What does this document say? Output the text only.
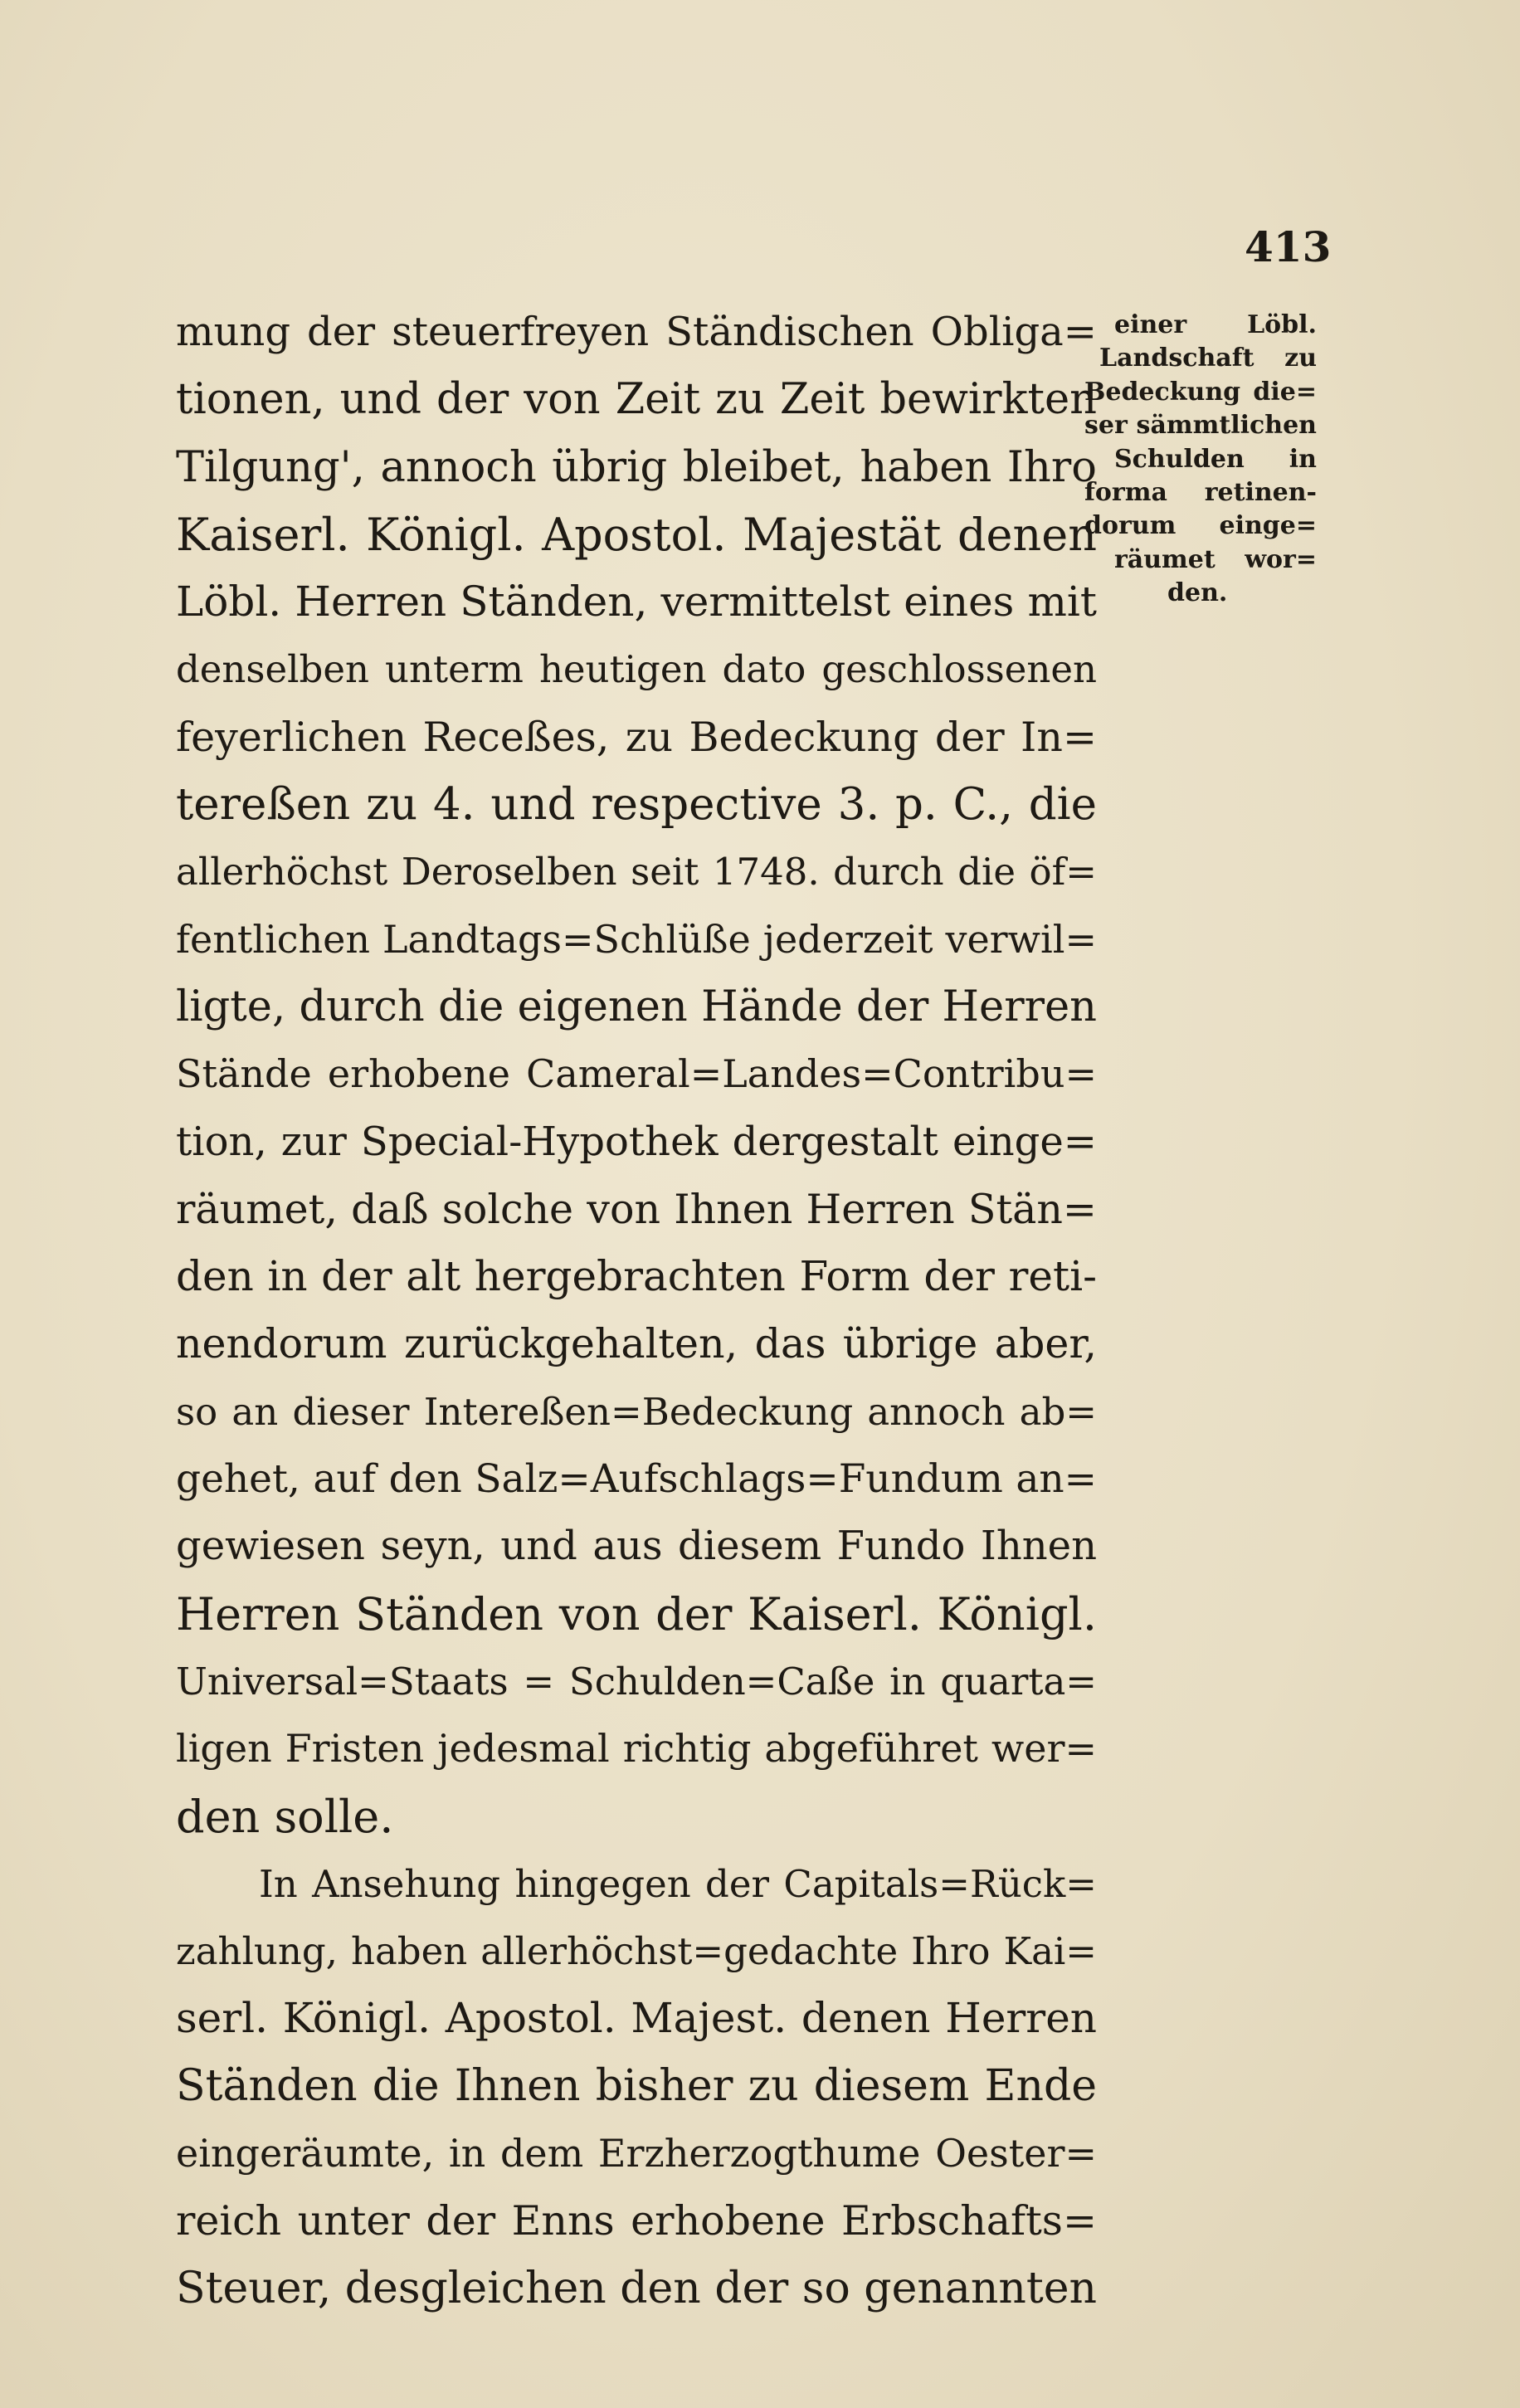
413
mung der steuerfreyen Ständischen Obliga=
tionen, und der von Zeit zu Zeit bewirkten
Tilgung', annoch übrig bleibet, haben Ihro
Kaiserl. Königl. Apostol. Majestät denen
Löbl. Herren Ständen, vermittelst eines mit
denselben unterm heutigen dato geschlossenen
feyerlichen Receßes, zu Bedeckung der In=
tereßen zu 4. und respective 3. p. C., die
allerhöchst Deroselben seit 1748. durch die öf=
fentlichen Landtags=Schlüße jederzeit verwil=
ligte, durch die eigenen Hände der Herren
Stände erhobene Cameral=Landes=Contribu=
tion, zur Special-Hypothek dergestalt einge=
räumet, daß solche von Ihnen Herren Stän=
den in der alt hergebrachten Form der reti-
nendorum zurückgehalten, das übrige aber,
so an dieser Intereßen=Bedeckung annoch ab=
gehet, auf den Salz=Aufschlags=Fundum an=
gewiesen seyn, und aus diesem Fundo Ihnen
Herren Ständen von der Kaiserl. Königl.
Universal=Staats = Schulden=Caße in quarta=
ligen Fristen jedesmal richtig abgeführet wer=
den solle.
In Ansehung hingegen der Capitals=Rück=
zahlung, haben allerhöchst=gedachte Ihro Kai=
serl. Königl. Apostol. Majest. denen Herren
Ständen die Ihnen bisher zu diesem Ende
eingeräumte, in dem Erzherzogthume Oester=
reich unter der Enns erhobene Erbschafts=
Steuer, desgleichen den der so genannten
einer Löbl.
Landschaft zu
Bedeckung die=
ser sämmtlichen
Schulden in
forma retinen-
dorum einge=
räumet wor=
den.
